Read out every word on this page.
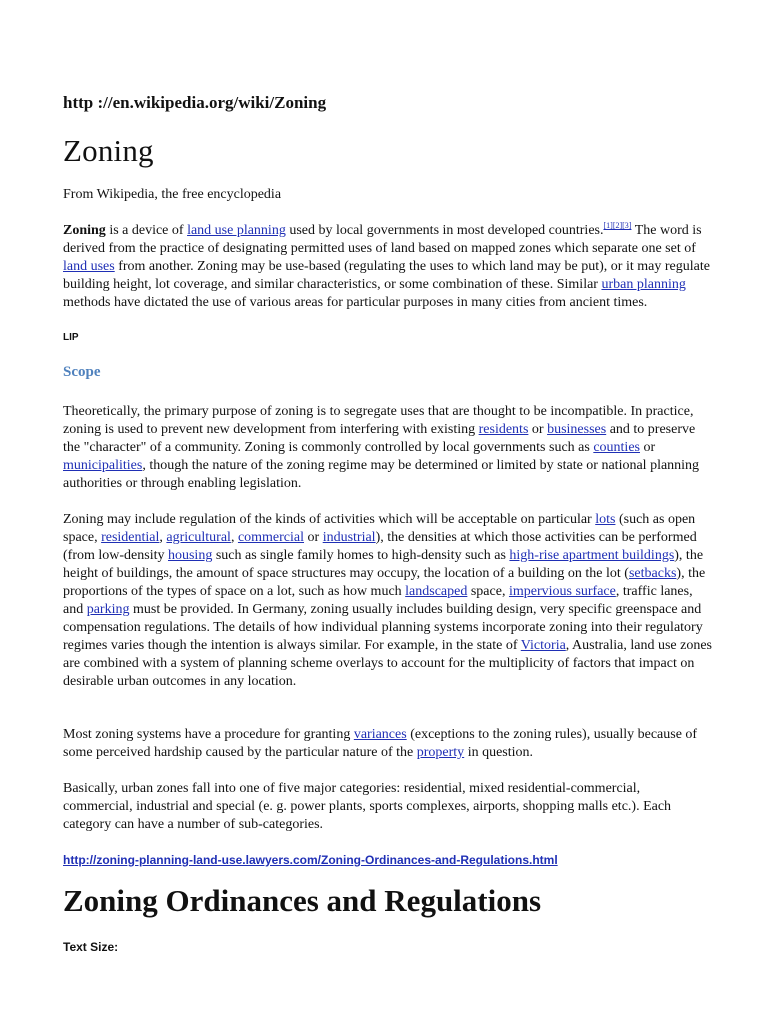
http ://en.wikipedia.org/wiki/Zoning

Zoning

From Wikipedia, the free encyclopedia

Zoning is a device of land use planning used by local governments in most developed countries.[1][2][3] The word is derived from the practice of designating permitted uses of land based on mapped zones which separate one set of land uses from another. Zoning may be use-based (regulating the uses to which land may be put), or it may regulate building height, lot coverage, and similar characteristics, or some combination of these. Similar urban planning methods have dictated the use of various areas for particular purposes in many cities from ancient times.

LIP

Scope

Theoretically, the primary purpose of zoning is to segregate uses that are thought to be incompatible. In practice, zoning is used to prevent new development from interfering with existing residents or businesses and to preserve the "character" of a community. Zoning is commonly controlled by local governments such as counties or municipalities, though the nature of the zoning regime may be determined or limited by state or national planning authorities or through enabling legislation.

Zoning may include regulation of the kinds of activities which will be acceptable on particular lots (such as open space, residential, agricultural, commercial or industrial), the densities at which those activities can be performed (from low-density housing such as single family homes to high-density such as high-rise apartment buildings), the height of buildings, the amount of space structures may occupy, the location of a building on the lot (setbacks), the proportions of the types of space on a lot, such as how much landscaped space, impervious surface, traffic lanes, and parking must be provided. In Germany, zoning usually includes building design, very specific greenspace and compensation regulations. The details of how individual planning systems incorporate zoning into their regulatory regimes varies though the intention is always similar. For example, in the state of Victoria, Australia, land use zones are combined with a system of planning scheme overlays to account for the multiplicity of factors that impact on desirable urban outcomes in any location.

Most zoning systems have a procedure for granting variances (exceptions to the zoning rules), usually because of some perceived hardship caused by the particular nature of the property in question.

Basically, urban zones fall into one of five major categories: residential, mixed residential-commercial, commercial, industrial and special (e. g. power plants, sports complexes, airports, shopping malls etc.). Each category can have a number of sub-categories.

http://zoning-planning-land-use.lawyers.com/Zoning-Ordinances-and-Regulations.html
Zoning Ordinances and Regulations

Text Size:
